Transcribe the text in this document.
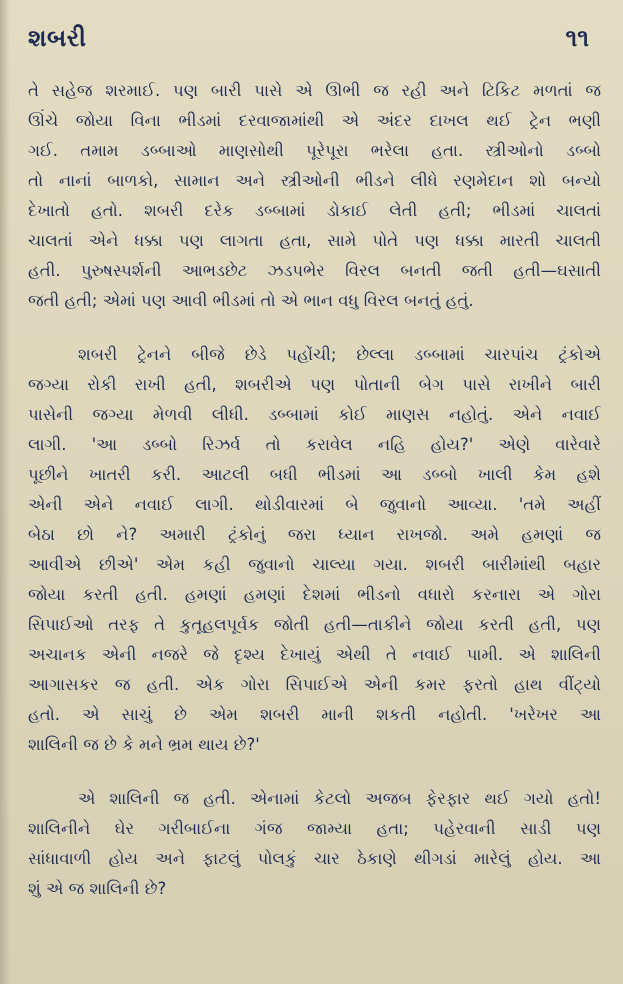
શબરી	૧૧
તે સહેજ શરમાઈ. પણ બારી પાસે એ ઊભી જ રહી અને ટિકિટ મળતાં જ
ઊંચે જોયા વિના ભીડમાં દરવાજામાંથી એ અંદર દાખલ થઈ ટ્રેન ભણી
ગઈ. તમામ ડબ્બાઓ માણસોથી પૂરેપૂરા ભરેલા હતા. સ્ત્રીઓનો ડબ્બો
તો નાનાં બાળકો, સામાન અને સ્ત્રીઓની ભીડને લીધે રણમેદાન શો બન્યો
દેખાતો હતો. શબરી દરેક ડબ્બામાં ડોકાઈ લેતી હતી; ભીડમાં ચાલતાં
ચાલતાં એને ધક્કા પણ લાગતા હતા, સામે પોતે પણ ધક્કા મારતી ચાલતી
હતી. પુરુષસ્પર્શની આભડછેટ ઝડપભેર વિરલ બનતી જતી હતી—ઘસાતી
જતી હતી; એમાં પણ આવી ભીડમાં તો એ ભાન વધુ વિરલ બનતું હતું.
શબરી ટ્રેનને બીજે છેડે પહોંચી; છેલ્લા ડબ્બામાં ચારપાંચ ટ્રંકોએ
જગ્યા રોકી રાખી હતી, શબરીએ પણ પોતાની બેગ પાસે રાખીને બારી
પાસેની જગ્યા મેળવી લીધી. ડબ્બામાં કોઈ માણસ નહોતું. એને નવાઈ
લાગી. 'આ ડબ્બો રિઝર્વ તો કરાવેલ નહિ હોય?' એણે વારેવારે
પૂછીને ખાતરી કરી. આટલી બધી ભીડમાં આ ડબ્બો ખાલી કેમ હશે
એની એને નવાઈ લાગી. થોડીવારમાં બે જુવાનો આવ્યા. 'તમે અહીં
બેઠા છો ને? અમારી ટ્રંકોનું જરા ધ્યાન રાખજો. અમે હમણાં જ
આવીએ છીએ' એમ કહી જુવાનો ચાલ્યા ગયા. શબરી બારીમાંથી બહાર
જોયા કરતી હતી. હમણાં હમણાં દેશમાં ભીડનો વધારો કરનારા એ ગોરા
સિપાઈઓ તરફ તે કુતૂહલપૂર્વક જોતી હતી—તાકીને જોયા કરતી હતી, પણ
અચાનક એની નજરે જે દૃશ્ય દેખાયું એથી તે નવાઈ પામી. એ શાલિની
આગાસકર જ હતી. એક ગોરા સિપાઈએ એની કમર ફરતો હાથ વીંટ્યો
હતો. એ સાચું છે એમ શબરી માની શકતી નહોતી. 'ખરેખર આ
શાલિની જ છે કે મને ભ્રમ થાય છે?'
એ શાલિની જ હતી. એનામાં કેટલો અજબ ફેરફાર થઈ ગયો હતો!
શાલિનીને ઘેર ગરીબાઈના ગંજ જામ્યા હતા; પહેરવાની સાડી પણ
સાંધાવાળી હોય અને ફાટલું પોલકું ચાર ઠેકાણે થીગડાં મારેલું હોય. આ
શું એ જ શાલિની છે?
